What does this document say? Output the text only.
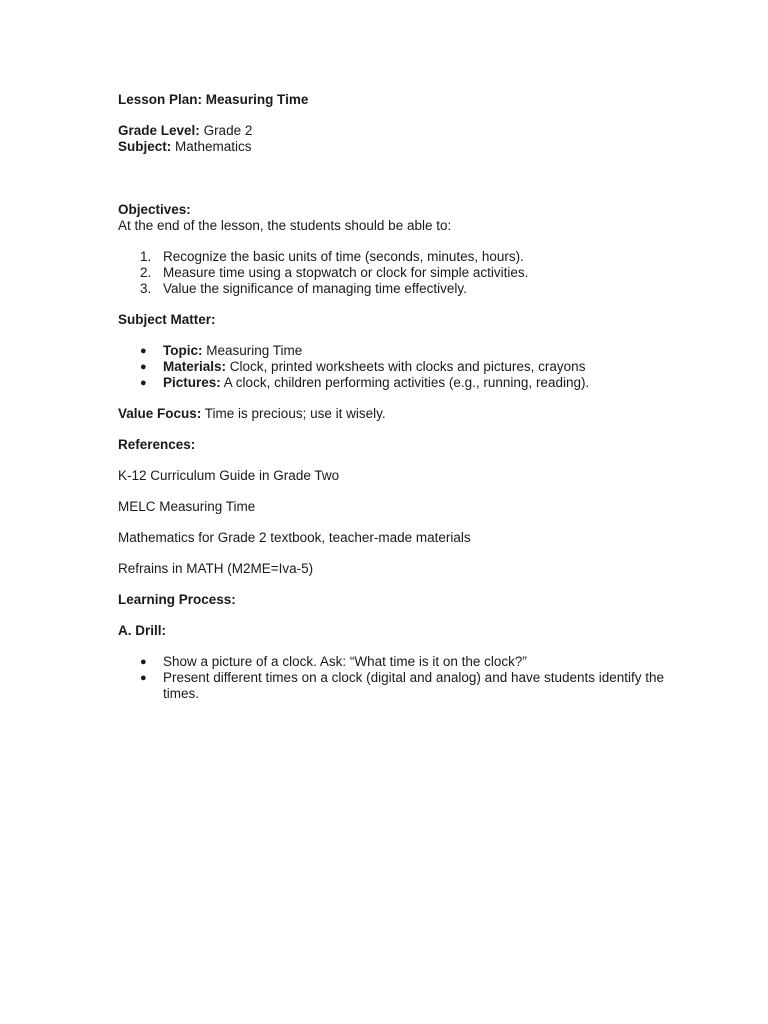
Lesson Plan: Measuring Time

Grade Level: Grade 2

Subject: Mathematics

Objectives:

At the end of the lesson, the students should be able to:

1. Recognize the basic units of time (seconds, minutes, hours).
2. Measure time using a stopwatch or clock for simple activities.
3. Value the significance of managing time effectively.

Subject Matter:

● Topic: Measuring Time
● Materials: Clock, printed worksheets with clocks and pictures, crayons
● Pictures: A clock, children performing activities (e.g., running, reading).

Value Focus: Time is precious; use it wisely.

References:

K-12 Curriculum Guide in Grade Two

MELC Measuring Time

Mathematics for Grade 2 textbook, teacher-made materials

Refrains in MATH (M2ME=Iva-5)

Learning Process:

A. Drill:

● Show a picture of a clock. Ask: “What time is it on the clock?”
● Present different times on a clock (digital and analog) and have students identify the times.
